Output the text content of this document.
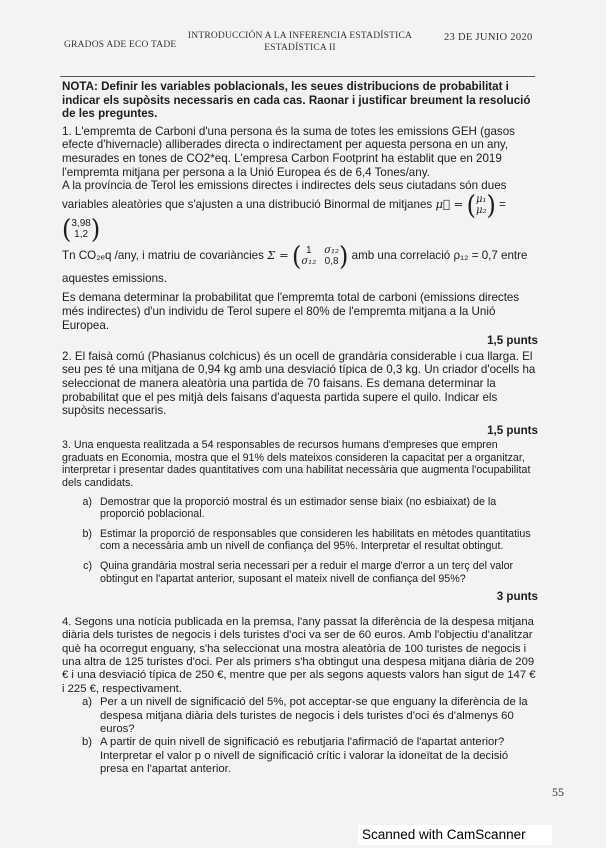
GRADOS ADE ECO TADE
INTRODUCCIÓN A LA INFERENCIA ESTADÍSTICA
ESTADÍSTICA II
23 DE JUNIO 2020

NOTA: Definir les variables poblacionals, les seues distribucions de probabilitat i indicar els supòsits necessaris en cada cas. Raonar i justificar breument la resolució de les preguntes.

1. L'empremta de Carboni d'una persona és la suma de totes les emissions GEH (gasos efecte d'hivernacle) alliberades directa o indirectament per aquesta persona en un any, mesurades en tones de CO2*eq. L'empresa Carbon Footprint ha establit que en 2019 l'empremta mitjana per persona a la Unió Europea és de 6,4 Tones/any.

A la província de Terol les emissions directes i indirectes dels seus ciutadans són dues variables aleatòries que s'ajusten a una distribució Binormal de mitjanes μ⃗ = ( μ₁
μ₂ ) =
( 3,98
1,2 )

Tn CO₂ₑq /any, i matriu de covariàncies Σ = ( 1	σ₁₂
σ₁₂ 0,8 ) amb una correlació ρ₁₂ = 0,7 entre

aquestes emissions.

Es demana determinar la probabilitat que l'empremta total de carboni (emissions directes més indirectes) d'un individu de Terol supere el 80% de l'empremta mitjana a la Unió Europea.

1,5 punts

2. El faisà comú (Phasianus colchicus) és un ocell de grandària considerable i cua llarga. El seu pes té una mitjana de 0,94 kg amb una desviació típica de 0,3 kg. Un criador d'ocells ha seleccionat de manera aleatòria una partida de 70 faisans. Es demana determinar la probabilitat que el pes mitjà dels faisans d'aquesta partida supere el quilo. Indicar els supòsits necessaris.

1,5 punts

3. Una enquesta realitzada a 54 responsables de recursos humans d'empreses que empren graduats en Economia, mostra que el 91% dels mateixos consideren la capacitat per a organitzar, interpretar i presentar dades quantitatives com una habilitat necessària que augmenta l'ocupabilitat dels candidats.

a) Demostrar que la proporció mostral és un estimador sense biaix (no esbiaixat) de la proporció poblacional.
b) Estimar la proporció de responsables que consideren les habilitats en mètodes quantitatius com a necessària amb un nivell de confiança del 95%. Interpretar el resultat obtingut.
c) Quina grandària mostral seria necessari per a reduir el marge d'error a un terç del valor obtingut en l'apartat anterior, suposant el mateix nivell de confiança del 95%?

3 punts

4. Segons una notícia publicada en la premsa, l'any passat la diferència de la despesa mitjana diària dels turistes de negocis i dels turistes d'oci va ser de 60 euros. Amb l'objectiu d'analitzar què ha ocorregut enguany, s'ha seleccionat una mostra aleatòria de 100 turistes de negocis i una altra de 125 turistes d'oci. Per als primers s'ha obtingut una despesa mitjana diària de 209 € i una desviació típica de 250 €, mentre que per als segons aquests valors han sigut de 147 € i 225 €, respectivament.

a) Per a un nivell de significació del 5%, pot acceptar-se que enguany la diferència de la despesa mitjana diària dels turistes de negocis i dels turistes d'oci és d'almenys 60 euros?
b) A partir de quin nivell de significació es rebutjaria l'afirmació de l'apartat anterior? Interpretar el valor p o nivell de significació crític i valorar la idoneïtat de la decisió presa en l'apartat anterior.
55
Scanned with CamScanner
